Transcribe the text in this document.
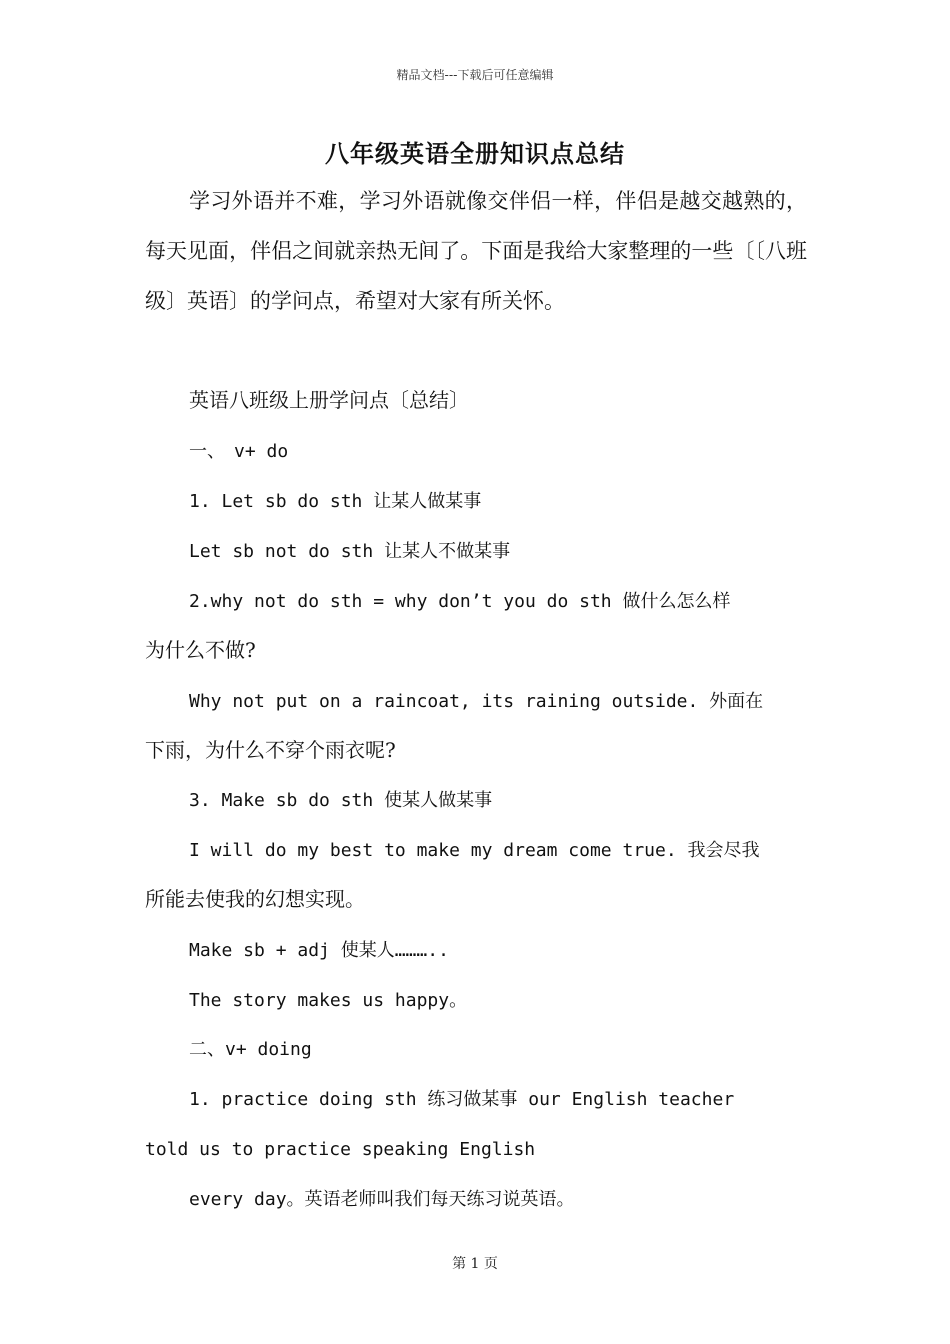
精品文档---下载后可任意编辑
八年级英语全册知识点总结
学习外语并不难，学习外语就像交伴侣一样，伴侣是越交越熟的，每天见面，伴侣之间就亲热无间了。下面是我给大家整理的一些〔〔八班级〕英语〕的学问点，希望对大家有所关怀。
英语八班级上册学问点〔总结〕
一、　v+ do
1. Let sb do sth 让某人做某事
Let sb not do sth 让某人不做某事
2.why not do sth = why don’t you do sth 做什么怎么样
为什么不做?
Why not put on a raincoat, its raining outside. 外面在
下雨，为什么不穿个雨衣呢?
3. Make sb do sth 使某人做某事
I will do my best to make my dream come true. 我会尽我
所能去使我的幻想实现。
Make sb + adj 使某人………..
The story makes us happy。
二、v+ doing
1. practice doing sth 练习做某事 our English teacher
told us to practice speaking English
every day。英语老师叫我们每天练习说英语。
第 1 页
